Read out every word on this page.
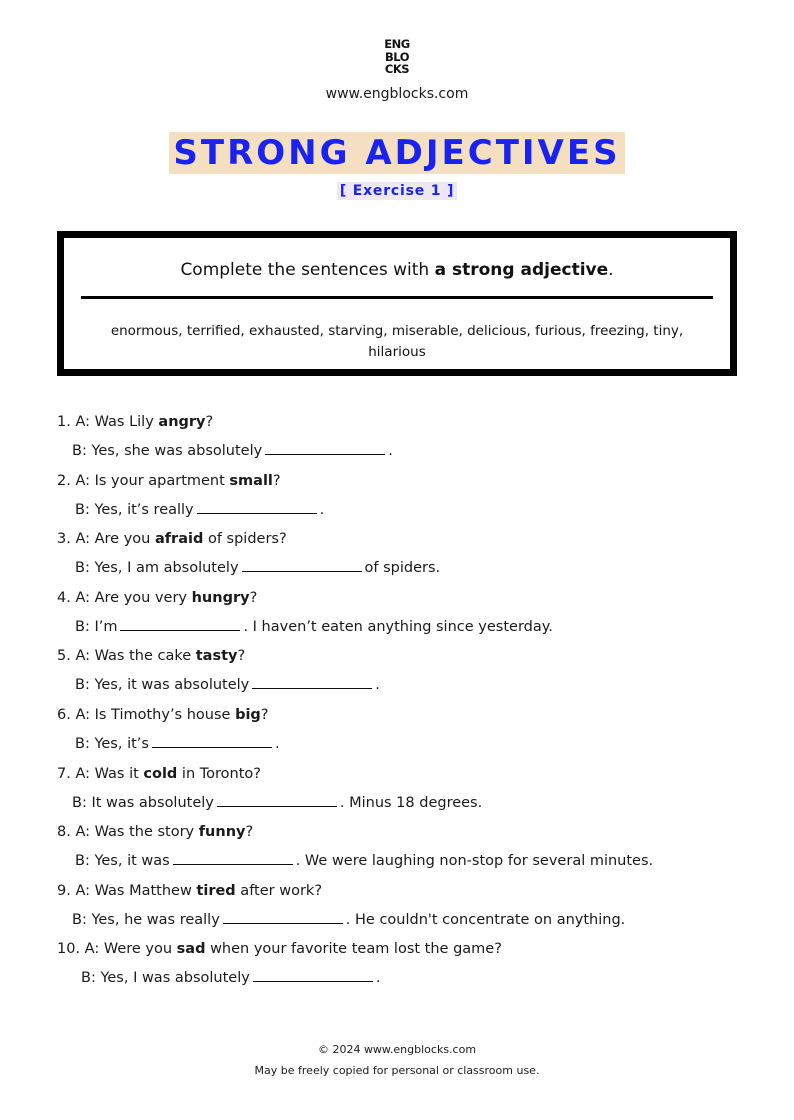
ENG
BLO
CKS
www.engblocks.com
STRONG ADJECTIVES
[ Exercise 1 ]
Complete the sentences with a strong adjective.
enormous, terrified, exhausted, starving, miserable, delicious, furious, freezing, tiny, hilarious
1. A: Was Lily angry?
B: Yes, she was absolutely	.
2. A: Is your apartment small?
B: Yes, it’s really	.
3. A: Are you afraid of spiders?
B: Yes, I am absolutely	of spiders.
4. A: Are you very hungry?
B: I’m	. I haven’t eaten anything since yesterday.
5. A: Was the cake tasty?
B: Yes, it was absolutely	.
6. A: Is Timothy’s house big?
B: Yes, it’s	.
7. A: Was it cold in Toronto?
B: It was absolutely	. Minus 18 degrees.
8. A: Was the story funny?
B: Yes, it was	. We were laughing non-stop for several minutes.
9. A: Was Matthew tired after work?
B: Yes, he was really	. He couldn't concentrate on anything.
10. A: Were you sad when your favorite team lost the game?
B: Yes, I was absolutely	.
© 2024 www.engblocks.com
May be freely copied for personal or classroom use.
